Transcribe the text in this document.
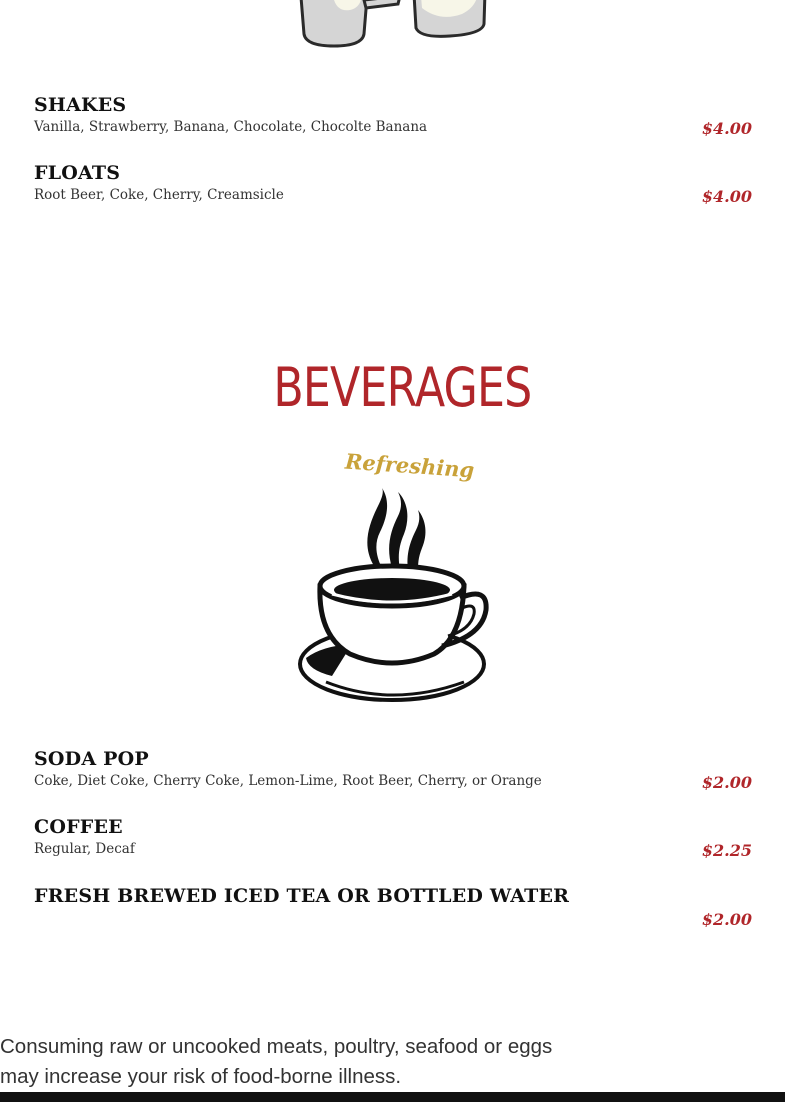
SHAKES
Vanilla, Strawberry, Banana, Chocolate, Chocolte Banana	$4.00
FLOATS
Root Beer, Coke, Cherry, Creamsicle	$4.00
BEVERAGES
Refreshing
SODA POP
Coke, Diet Coke, Cherry Coke, Lemon-Lime, Root Beer, Cherry, or Orange	$2.00
COFFEE
Regular, Decaf	$2.25
FRESH BREWED ICED TEA OR BOTTLED WATER
$2.00
Consuming raw or uncooked meats, poultry, seafood or eggs
may increase your risk of food-borne illness.
